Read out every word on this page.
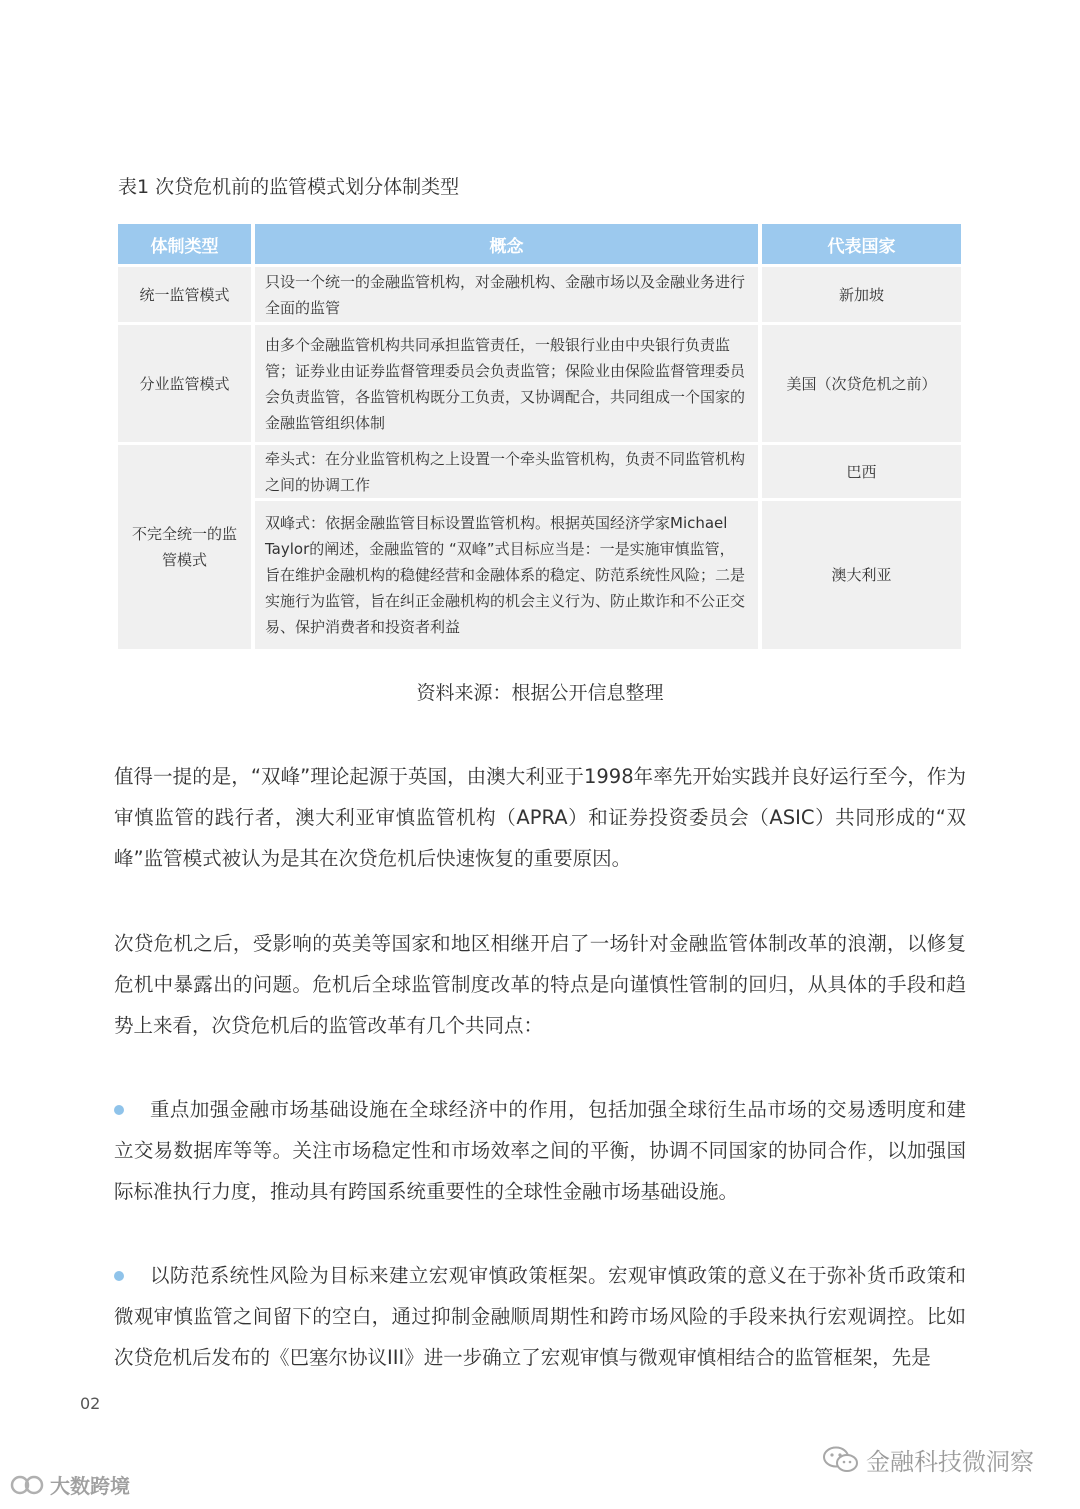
表1 次贷危机前的监管模式划分体制类型
体制类型	概念	代表国家
统一监管模式
只设一个统一的金融监管机构，对金融机构、金融市场以及金融业务进行全面的监管
新加坡
分业监管模式
由多个金融监管机构共同承担监管责任，一般银行业由中央银行负责监管；证券业由证券监督管理委员会负责监管；保险业由保险监督管理委员会负责监管，各监管机构既分工负责，又协调配合，共同组成一个国家的金融监管组织体制
美国（次贷危机之前）
不完全统一的监管模式
牵头式：在分业监管机构之上设置一个牵头监管机构，负责不同监管机构之间的协调工作
巴西
双峰式：依据金融监管目标设置监管机构。根据英国经济学家Michael Taylor的阐述，金融监管的 “双峰”式目标应当是：一是实施审慎监管，旨在维护金融机构的稳健经营和金融体系的稳定、防范系统性风险；二是实施行为监管，旨在纠正金融机构的机会主义行为、防止欺诈和不公正交易、保护消费者和投资者利益
澳大利亚
资料来源：根据公开信息整理
值得一提的是，“双峰”理论起源于英国，由澳大利亚于1998年率先开始实践并良好运行至今，作为审慎监管的践行者，澳大利亚审慎监管机构（APRA）和证券投资委员会（ASIC）共同形成的“双峰”监管模式被认为是其在次贷危机后快速恢复的重要原因。
次贷危机之后，受影响的英美等国家和地区相继开启了一场针对金融监管体制改革的浪潮，以修复危机中暴露出的问题。危机后全球监管制度改革的特点是向谨慎性管制的回归，从具体的手段和趋势上来看，次贷危机后的监管改革有几个共同点：
重点加强金融市场基础设施在全球经济中的作用，包括加强全球衍生品市场的交易透明度和建立交易数据库等等。关注市场稳定性和市场效率之间的平衡，协调不同国家的协同合作，以加强国际标准执行力度，推动具有跨国系统重要性的全球性金融市场基础设施。
以防范系统性风险为目标来建立宏观审慎政策框架。宏观审慎政策的意义在于弥补货币政策和微观审慎监管之间留下的空白，通过抑制金融顺周期性和跨市场风险的手段来执行宏观调控。比如次贷危机后发布的《巴塞尔协议III》进一步确立了宏观审慎与微观审慎相结合的监管框架，先是
02
金融科技微洞察
大数跨境
